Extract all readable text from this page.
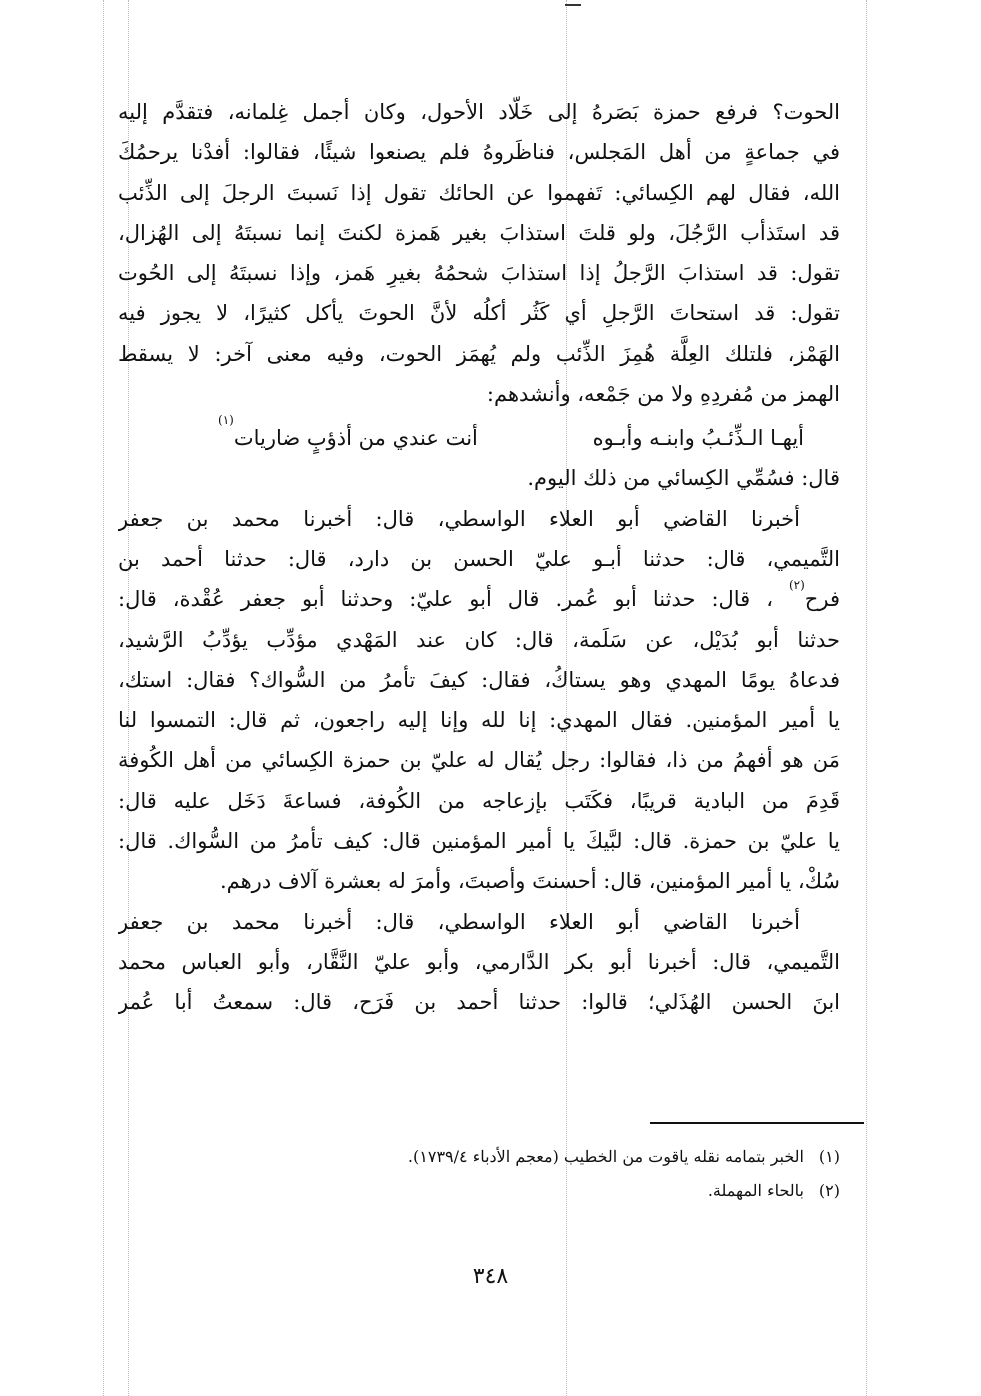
الحوت؟ فرفع حمزة بَصَرهُ إلى خَلّاد الأحول، وكان أجمل غِلمانه، فتقدَّم إليه
في جماعةٍ من أهل المَجلس، فناظَروهُ فلم يصنعوا شيئًا، فقالوا: أفدْنا يرحمُكَ
الله، فقال لهم الكِسائي: تَفهموا عن الحائك تقول إذا نَسبتَ الرجلَ إلى الذِّئب
قد استَذأب الرَّجُلَ، ولو قلتَ استذابَ بغير هَمزة لكنتَ إنما نسبتَهُ إلى الهُزال،
تقول: قد استذابَ الرَّجلُ إذا استذابَ شحمُهُ بغيرِ هَمز، وإذا نسبتَهُ إلى الحُوت
تقول: قد استحاتَ الرَّجلِ أي كَثُر أكلُه لأنَّ الحوتَ يأكل كثيرًا، لا يجوز فيه
الهَمْز، فلتلك العِلَّة هُمِزَ الذِّئب ولم يُهمَز الحوت، وفيه معنى آخر: لا يسقط
الهمز من مُفردِهِ ولا من جَمْعه، وأنشدهم:
أيهـا الـذِّئـبُ وابنـه وأبـوه
أنت عندي من أذؤبٍ ضاريات$^{(١)}$
قال: فسُمِّي الكِسائي من ذلك اليوم.
أخبرنا القاضي أبو العلاء الواسطي، قال: أخبرنا محمد بن جعفر
التَّميمي، قال: حدثنا أبـو عليّ الحسن بن دارد، قال: حدثنا أحمد بن
فرح$^{(٢)}$ ، قال: حدثنا أبو عُمر. قال أبو عليّ: وحدثنا أبو جعفر عُقْدة، قال:
حدثنا أبو بُدَيْل، عن سَلَمة، قال: كان عند المَهْدي مؤدِّب يؤدِّبُ الرَّشيد،
فدعاهُ يومًا المهدي وهو يستاكُ، فقال: كيفَ تأمرُ من السُّواك؟ فقال: استك،
يا أمير المؤمنين. فقال المهدي: إنا لله وإنا إليه راجعون، ثم قال: التمسوا لنا
مَن هو أفهمُ من ذا، فقالوا: رجل يُقال له عليّ بن حمزة الكِسائي من أهل الكُوفة
قَدِمَ من البادية قريبًا، فكَتَب بإزعاجه من الكُوفة، فساعةَ دَخَل عليه قال:
يا عليّ بن حمزة. قال: لبَّيكَ يا أمير المؤمنين قال: كيف تأمرُ من السُّواك. قال:
سُكْ، يا أمير المؤمنين، قال: أحسنتَ وأصبتَ، وأمرَ له بعشرة آلاف درهم.
أخبرنا القاضي أبو العلاء الواسطي، قال: أخبرنا محمد بن جعفر
التَّميمي، قال: أخبرنا أبو بكر الدَّارمي، وأبو عليّ النَّقَّار، وأبو العباس محمد
ابنَ الحسن الهُذَلي؛ قالوا: حدثنا أحمد بن فَرَح، قال: سمعتُ أبا عُمر
(١)الخبر بتمامه نقله ياقوت من الخطيب (معجم الأدباء ١٧٣٩/٤).
(٢)بالحاء المهملة.
٣٤٨
